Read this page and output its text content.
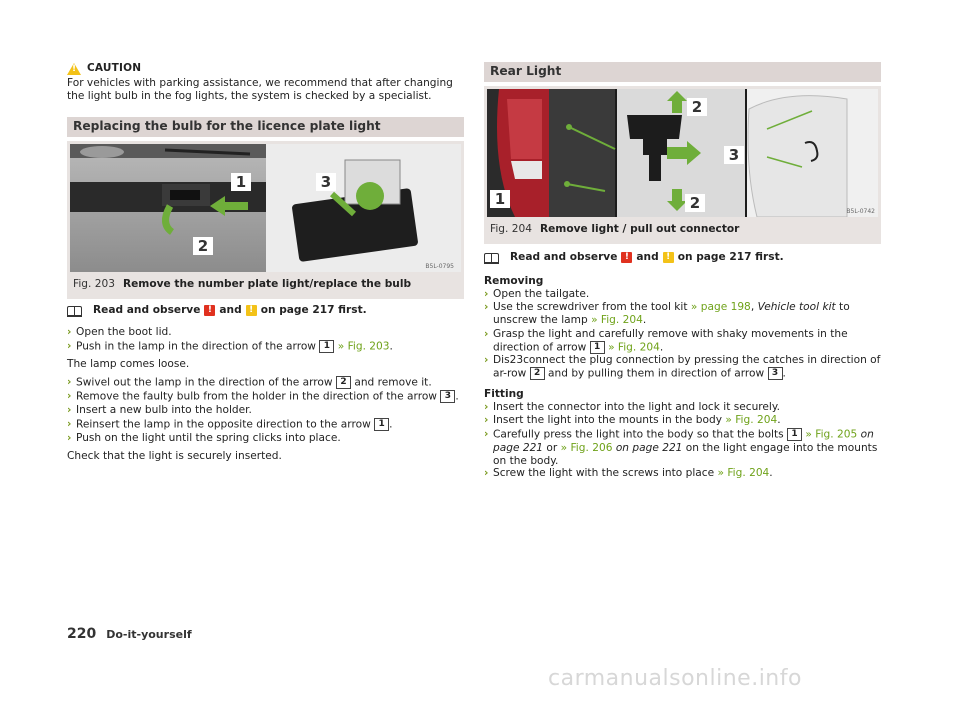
!
CAUTION
For vehicles with parking assistance, we recommend that after changing the light bulb in the fog lights, the system is checked by a specialist.
Replacing the bulb for the licence plate light
B5L-0795
1
2
3
Fig. 203 Remove the number plate light/replace the bulb
Read and observe ! and ! on page 217 first.
› Open the boot lid.
› Push in the lamp in the direction of the arrow 1 » Fig. 203.
The lamp comes loose.
› Swivel out the lamp in the direction of the arrow 2 and remove it.
› Remove the faulty bulb from the holder in the direction of the arrow 3 .
› Insert a new bulb into the holder.
› Reinsert the lamp in the opposite direction to the arrow 1 .
› Push on the light until the spring clicks into place.
Check that the light is securely inserted.
Rear Light
B5L-0742
1
2
3
2
Fig. 204 Remove light / pull out connector
Read and observe ! and ! on page 217 first.
Removing
› Open the tailgate.
› Use the screwdriver from the tool kit » page 198, Vehicle tool kit to unscrew the lamp » Fig. 204.
› Grasp the light and carefully remove with shaky movements in the direction of arrow 1 » Fig. 204.
› Dis23connect the plug connection by pressing the catches in direction of ar-row 2 and by pulling them in direction of arrow 3 .
Fitting
› Insert the connector into the light and lock it securely.
› Insert the light into the mounts in the body » Fig. 204.
› Carefully press the light into the body so that the bolts 1 » Fig. 205 on page 221 or » Fig. 206 on page 221 on the light engage into the mounts on the body.
› Screw the light with the screws into place » Fig. 204.
220 Do-it-yourself
carmanualsonline.info
